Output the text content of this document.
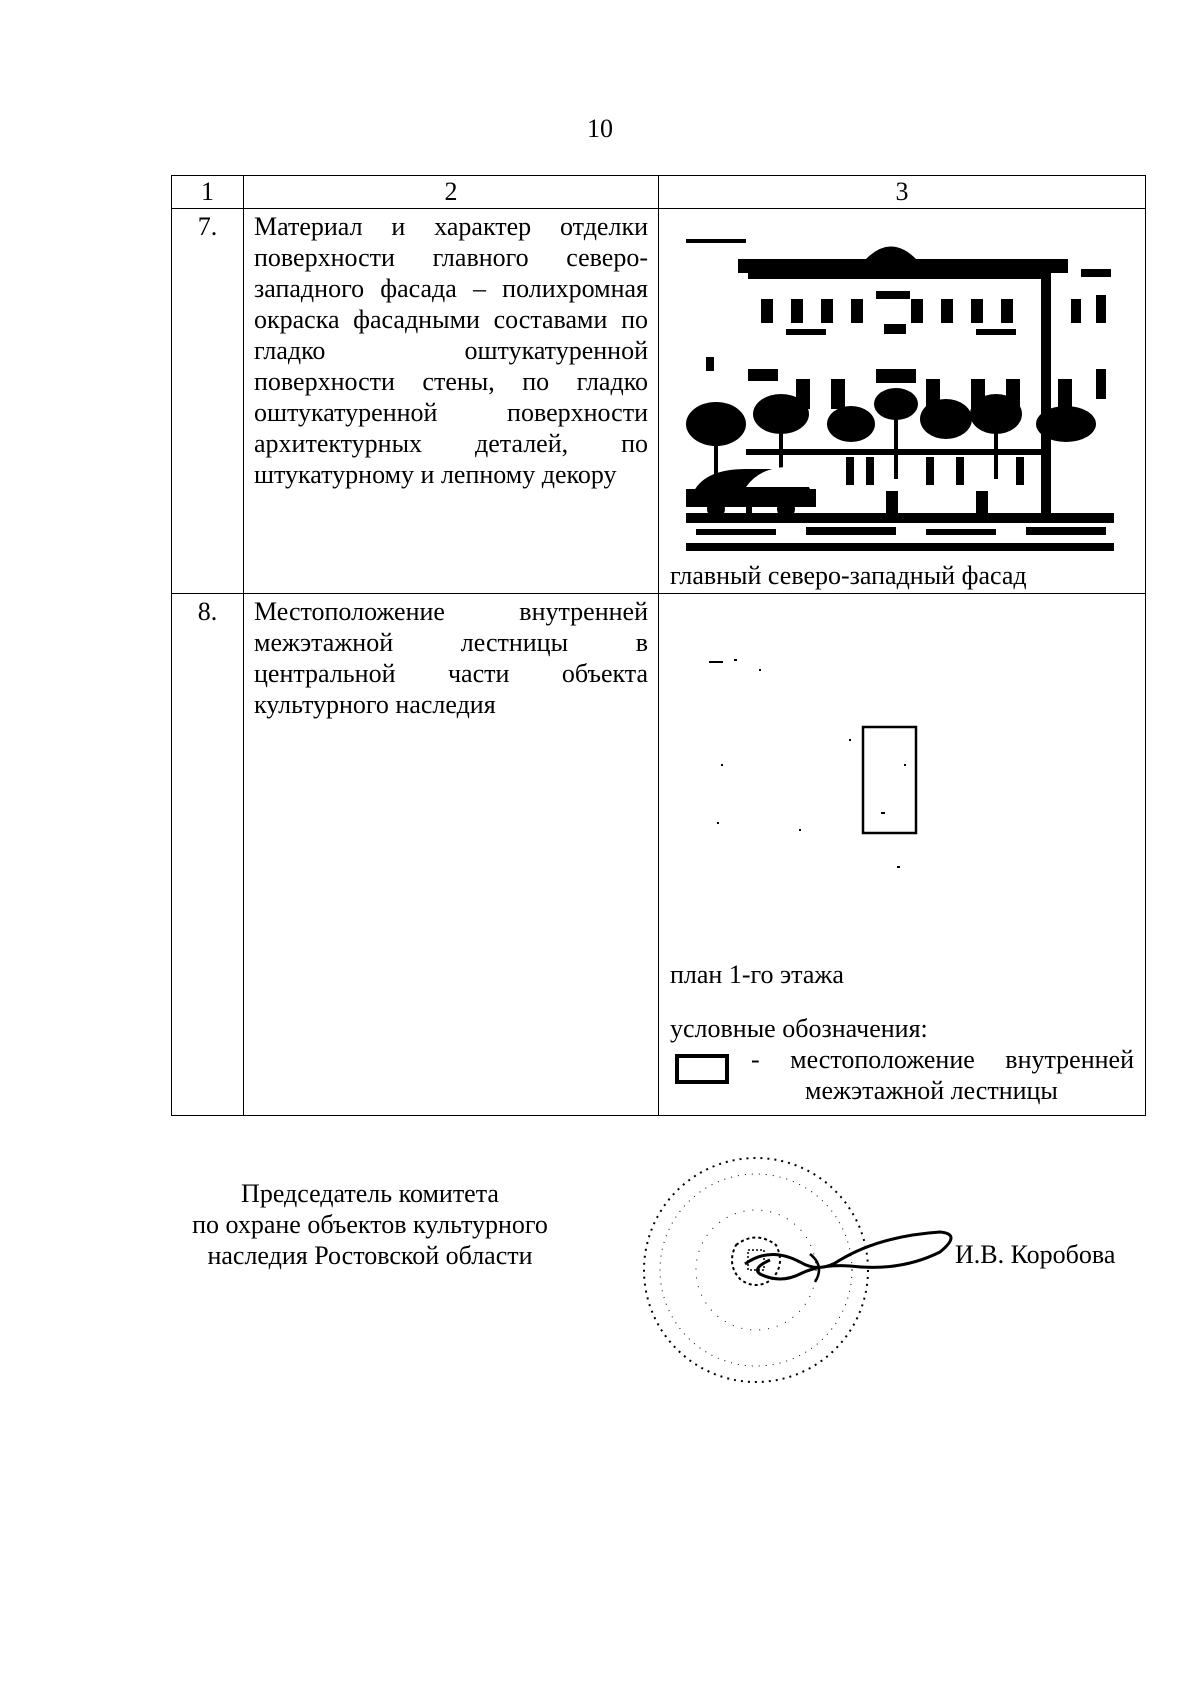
10
1	2	3
7.	Материал и характер отделки поверхности главного северо-западного фасада – полихромная окраска фасадными составами по гладко оштукатуренной поверхности стены, по гладко оштукатуренной поверхности архитектурных деталей, по штукатурному и лепному декору	главный северо-западный фасад

8.	Местоположение внутренней межэтажной лестницы в центральной части объекта культурного наследия	план 1-го этажа
условные обозначения:
- местоположение внутренней
межэтажной лестницы
Председатель комитета
по охране объектов культурного
наследия Ростовской области	И.В. Коробова
